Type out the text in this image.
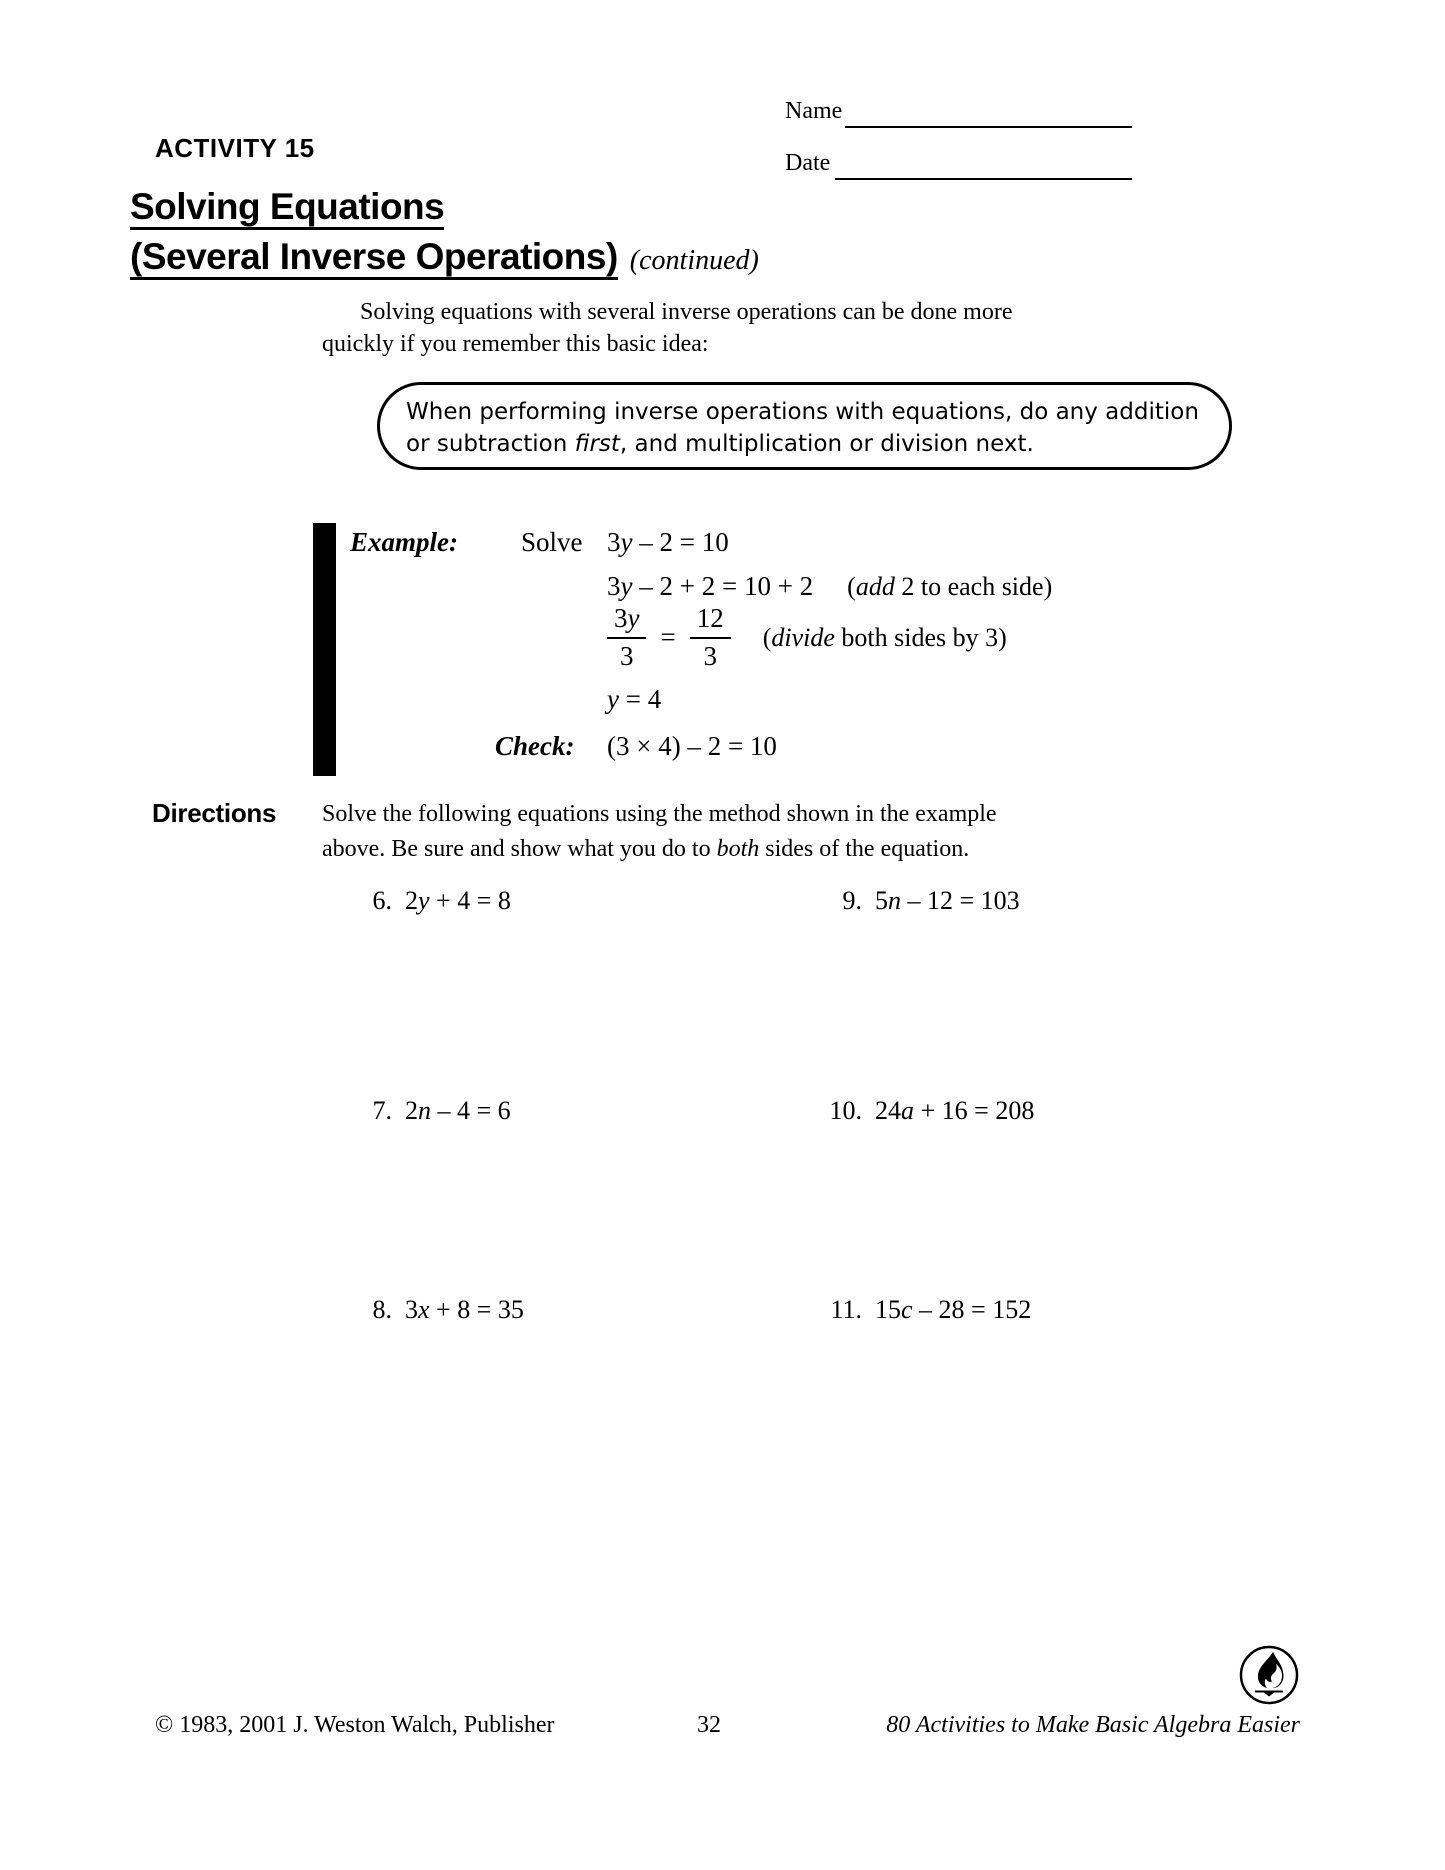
Name
Date
ACTIVITY 15
Solving Equations
(Several Inverse Operations) (continued)
Solving equations with several inverse operations can be done more
quickly if you remember this basic idea:
When performing inverse operations with equations, do any addition
or subtraction first, and multiplication or division next.
Example: Solve 3y – 2 = 10
3y – 2 + 2 = 10 + 2 (add 2 to each side)
$\frac{3y}{3} = \frac{12}{3}$ (divide both sides by 3)
y = 4
Check: (3 × 4) – 2 = 10
Directions Solve the following equations using the method shown in the example
above. Be sure and show what you do to both sides of the equation.
6. 2y + 4 = 8
7. 2n – 4 = 6
8. 3x + 8 = 35
9. 5n – 12 = 103
10. 24a + 16 = 208
11. 15c – 28 = 152
© 1983, 2001 J. Weston Walch, Publisher	32	80 Activities to Make Basic Algebra Easier
